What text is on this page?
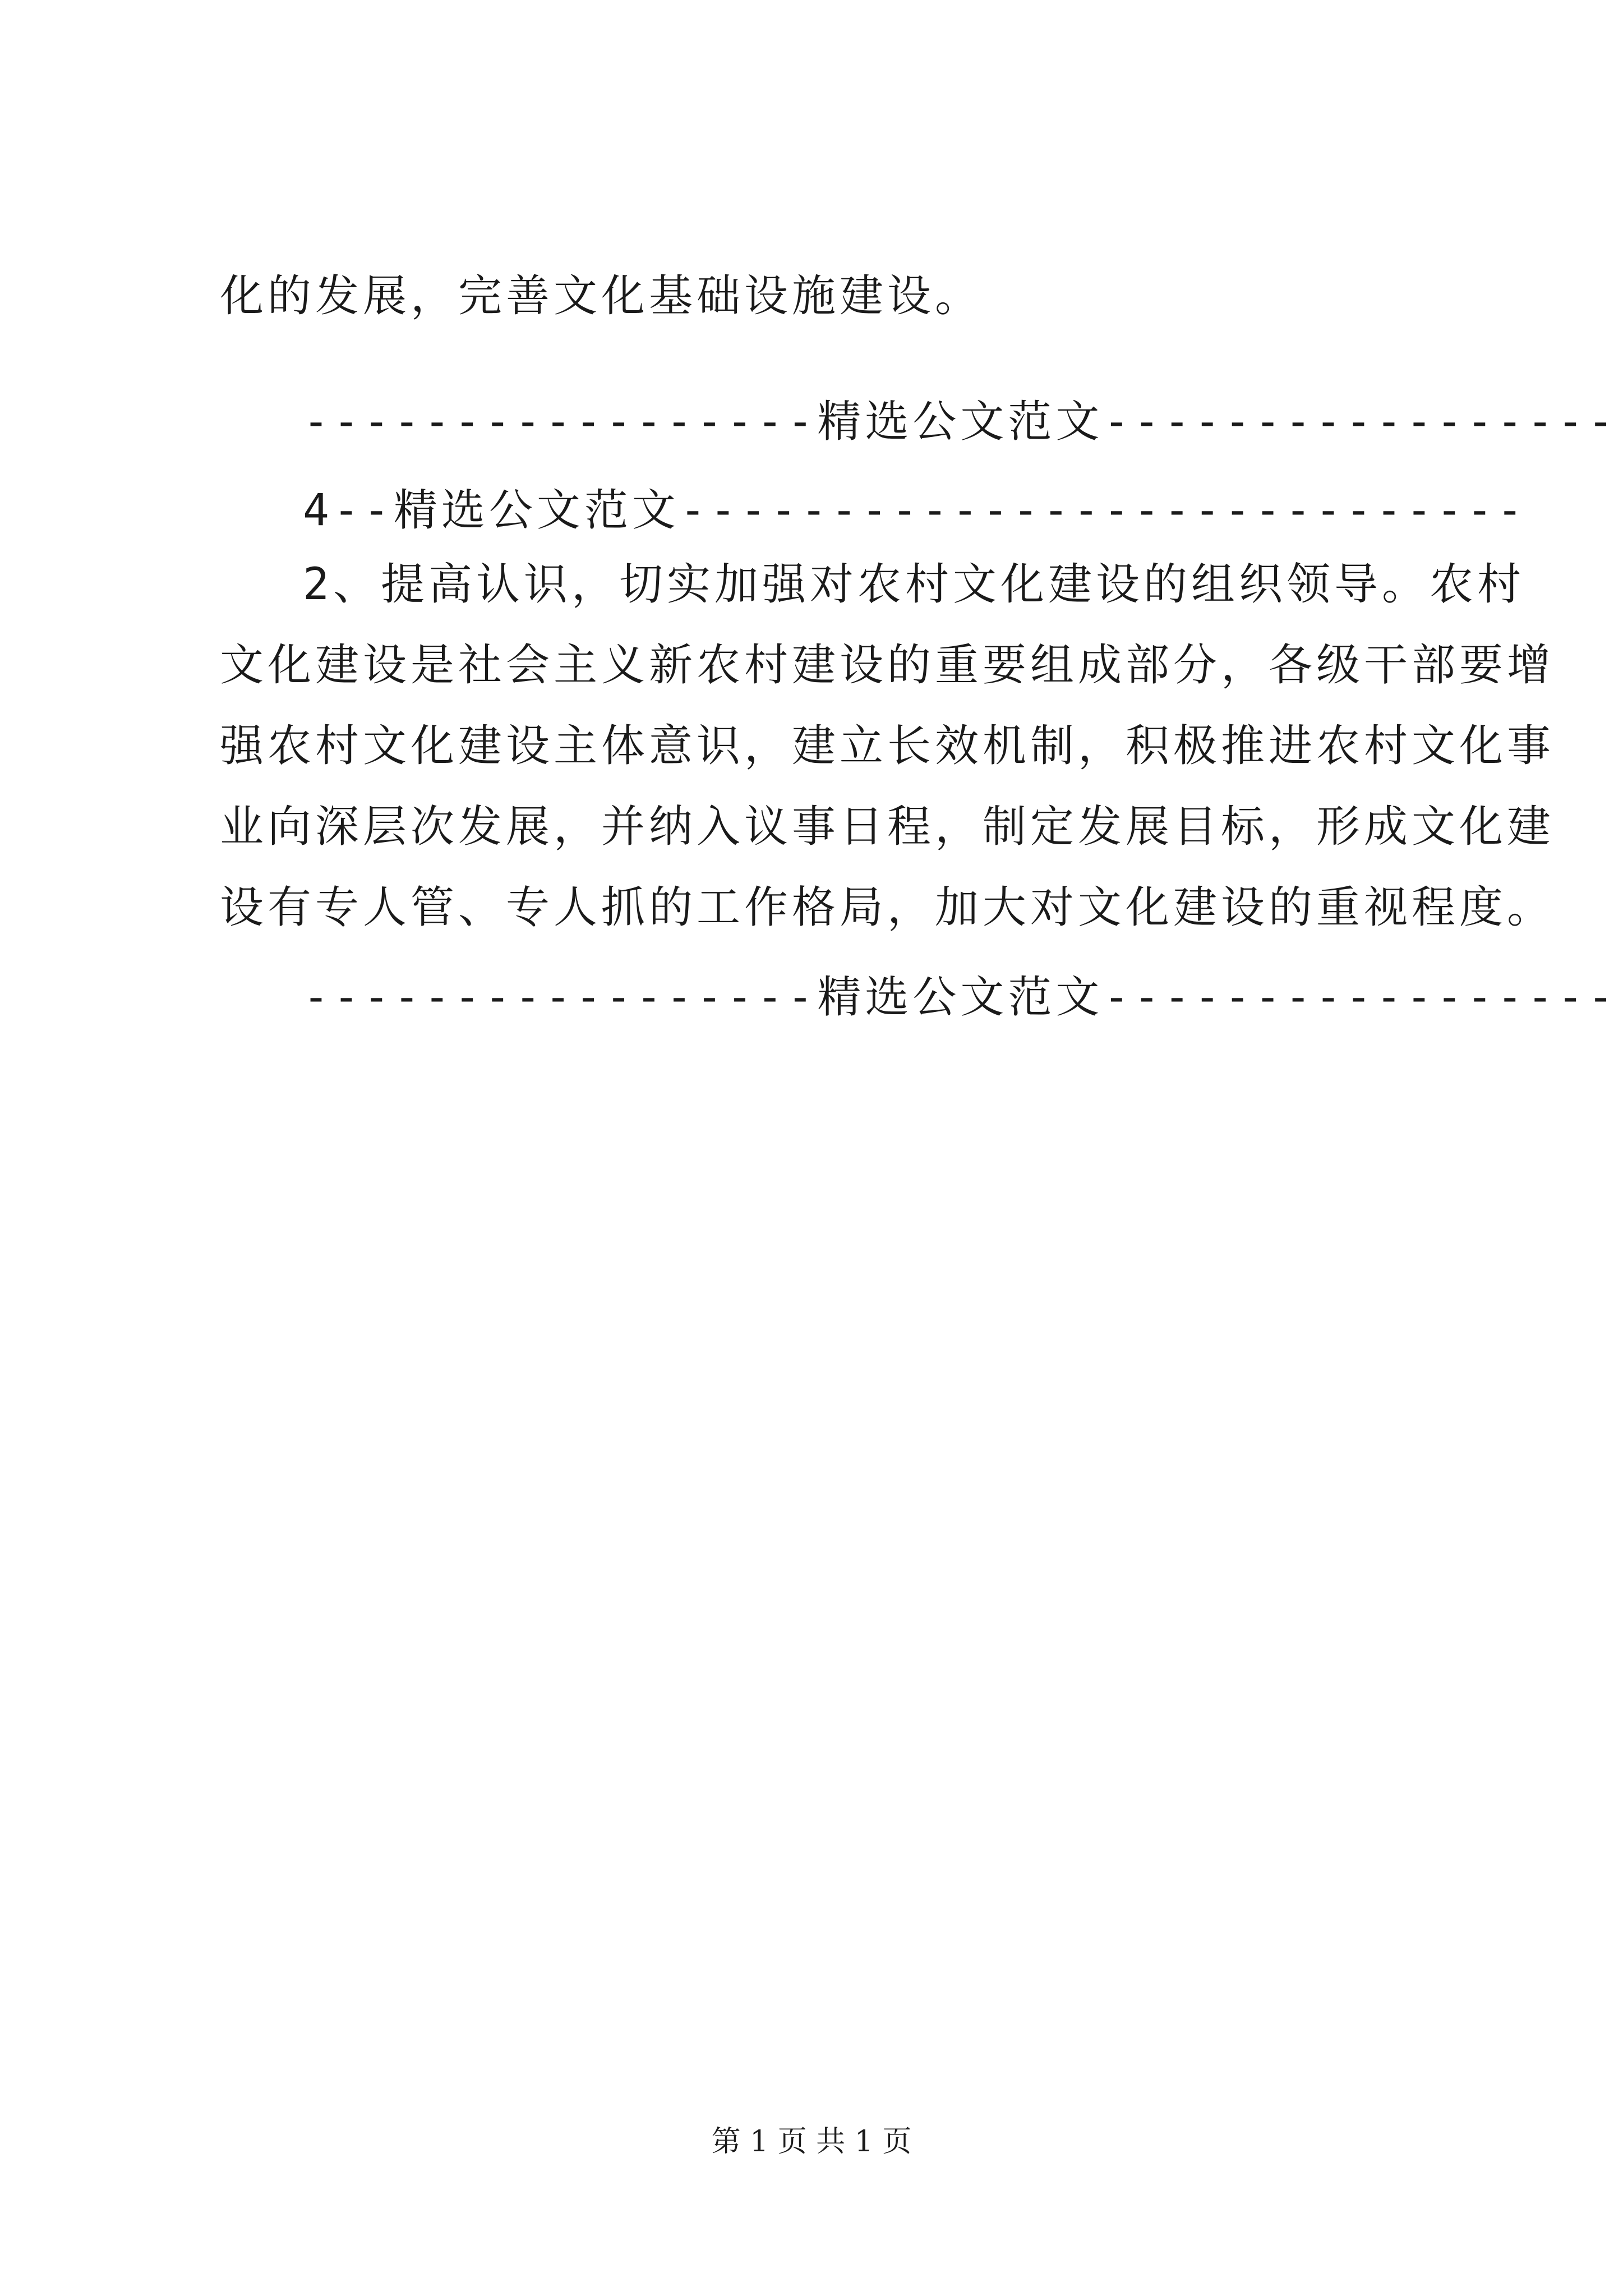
化的发展，完善文化基础设施建设。
-----------------精选公文范文-----------------
4--精选公文范文----------------------------
2、提高认识，切实加强对农村文化建设的组织领导。农村
文化建设是社会主义新农村建设的重要组成部分，各级干部要增
强农村文化建设主体意识，建立长效机制，积极推进农村文化事
业向深层次发展，并纳入议事日程，制定发展目标，形成文化建
设有专人管、专人抓的工作格局，加大对文化建设的重视程度。
-----------------精选公文范文-----------------
第 1 页 共 1 页
